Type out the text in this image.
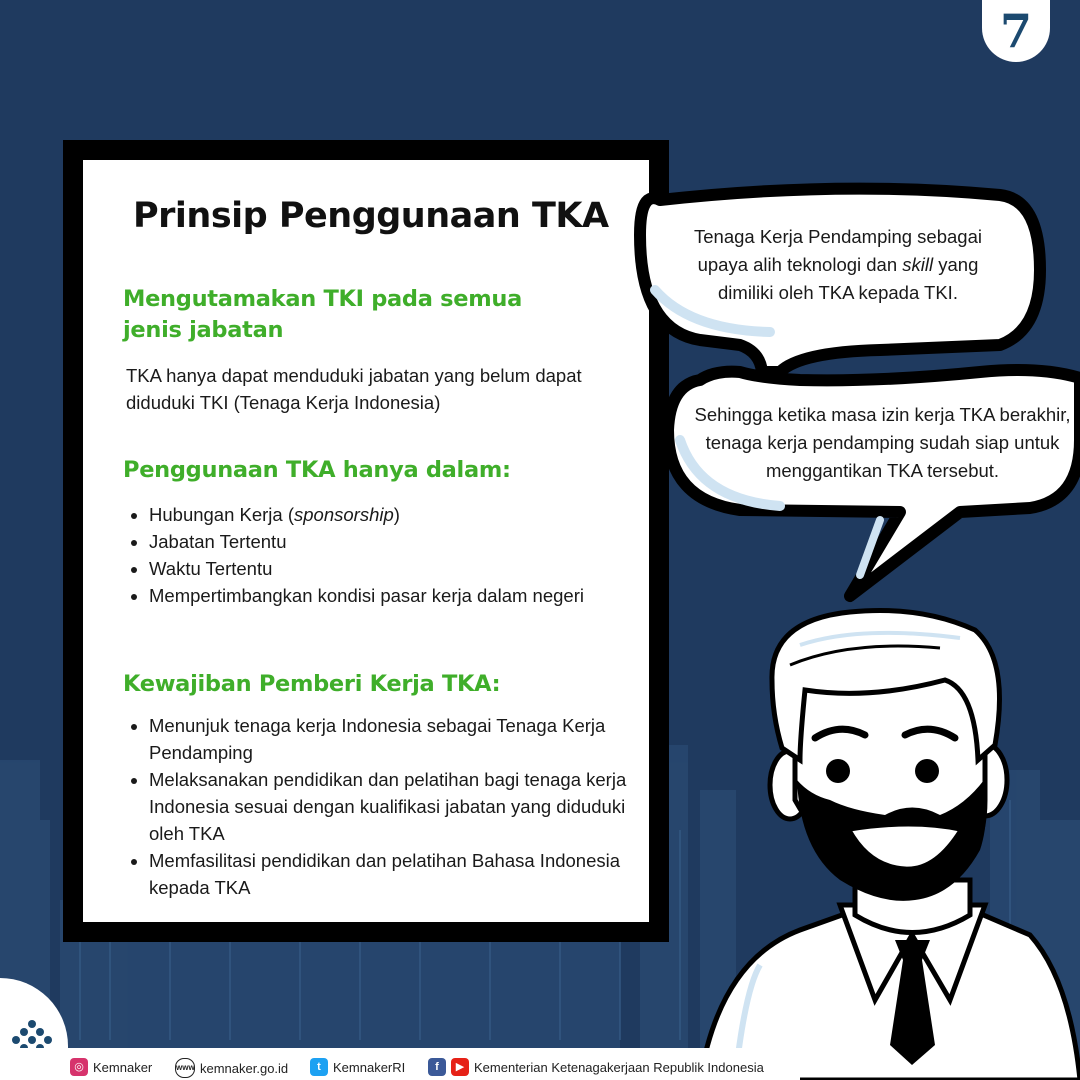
7
Prinsip Penggunaan TKA
Mengutamakan TKI pada semua jenis jabatan

TKA hanya dapat menduduki jabatan yang belum dapat diduduki TKI (Tenaga Kerja Indonesia)

Penggunaan TKA hanya dalam:
• Hubungan Kerja (sponsorship)
• Jabatan Tertentu
• Waktu Tertentu
• Mempertimbangkan kondisi pasar kerja dalam negeri
Kewajiban Pemberi Kerja TKA:
• Menunjuk tenaga kerja Indonesia sebagai Tenaga Kerja Pendamping
• Melaksanakan pendidikan dan pelatihan bagi tenaga kerja Indonesia sesuai dengan kualifikasi jabatan yang diduduki oleh TKA
• Memfasilitasi pendidikan dan pelatihan Bahasa Indonesia kepada TKA

Tenaga Kerja Pendamping sebagai upaya alih teknologi dan skill yang dimiliki oleh TKA kepada TKI.

Sehingga ketika masa izin kerja TKA berakhir, tenaga kerja pendamping sudah siap untuk menggantikan TKA tersebut.

◎ Kemnaker	www kemnaker.go.id	t KemnakerRI	f	▶ Kementerian Ketenagakerjaan Republik Indonesia
